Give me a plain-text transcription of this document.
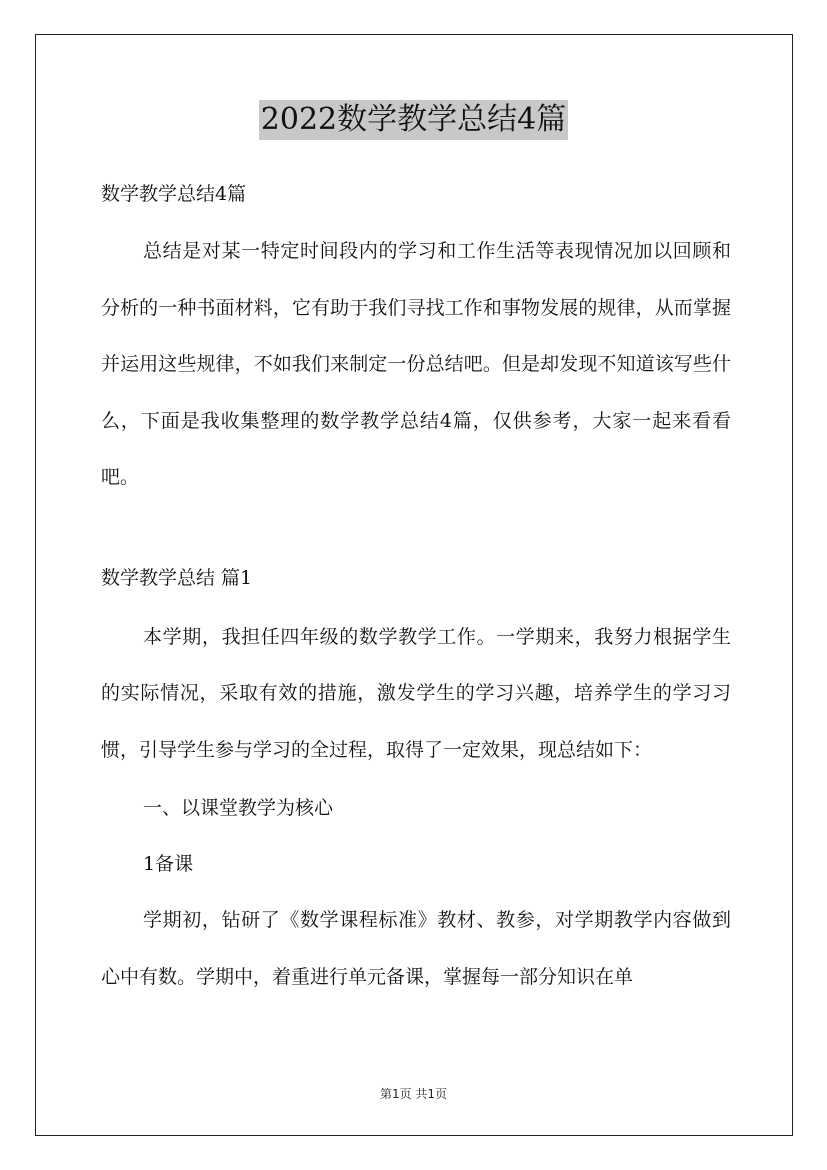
2022数学教学总结4篇

数学教学总结4篇

总结是对某一特定时间段内的学习和工作生活等表现情况加以回顾和分析的一种书面材料，它有助于我们寻找工作和事物发展的规律，从而掌握并运用这些规律，不如我们来制定一份总结吧。但是却发现不知道该写些什么，下面是我收集整理的数学教学总结4篇，仅供参考，大家一起来看看吧。

数学教学总结 篇1

本学期，我担任四年级的数学教学工作。一学期来，我努力根据学生的实际情况，采取有效的措施，激发学生的学习兴趣，培养学生的学习习惯，引导学生参与学习的全过程，取得了一定效果，现总结如下：

一、以课堂教学为核心

1备课

学期初，钻研了《数学课程标准》教材、教参，对学期教学内容做到心中有数。学期中，着重进行单元备课，掌握每一部分知识在单

第1页 共1页
